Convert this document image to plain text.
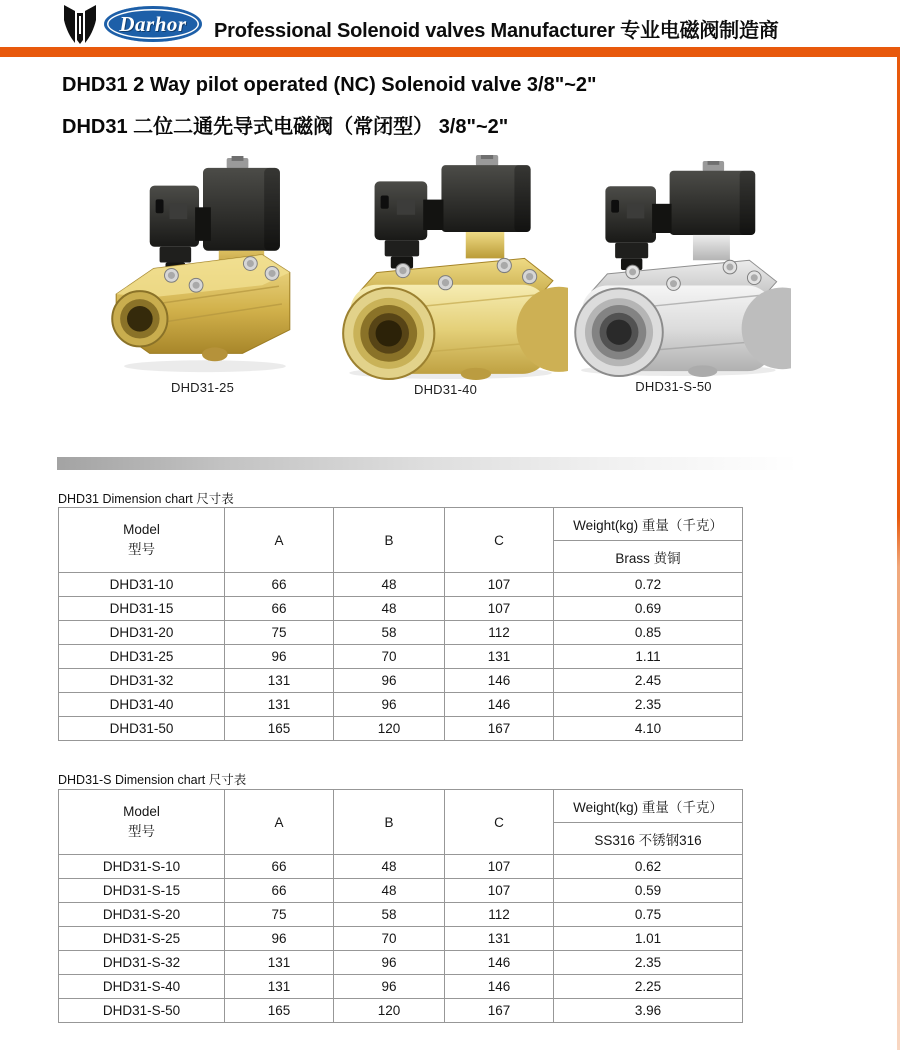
Darhor Professional Solenoid valves Manufacturer 专业电磁阀制造商
DHD31 2 Way pilot operated (NC) Solenoid valve 3/8"~2"
DHD31 二位二通先导式电磁阀（常闭型） 3/8"~2"
DHD31-25	DHD31-40	DHD31-S-50
DHD31 Dimension chart 尺寸表
Model
型号	A	B	C	Weight(kg) 重量（千克）
				Brass 黄铜
DHD31-10	66	48	107	0.72
DHD31-15	66	48	107	0.69
DHD31-20	75	58	112	0.85
DHD31-25	96	70	131	1.11
DHD31-32	131	96	146	2.45
DHD31-40	131	96	146	2.35
DHD31-50	165	120	167	4.10
DHD31-S Dimension chart 尺寸表
Model
型号	A	B	C	Weight(kg) 重量（千克）
				SS316 不锈钢316
DHD31-S-10	66	48	107	0.62
DHD31-S-15	66	48	107	0.59
DHD31-S-20	75	58	112	0.75
DHD31-S-25	96	70	131	1.01
DHD31-S-32	131	96	146	2.35
DHD31-S-40	131	96	146	2.25
DHD31-S-50	165	120	167	3.96
